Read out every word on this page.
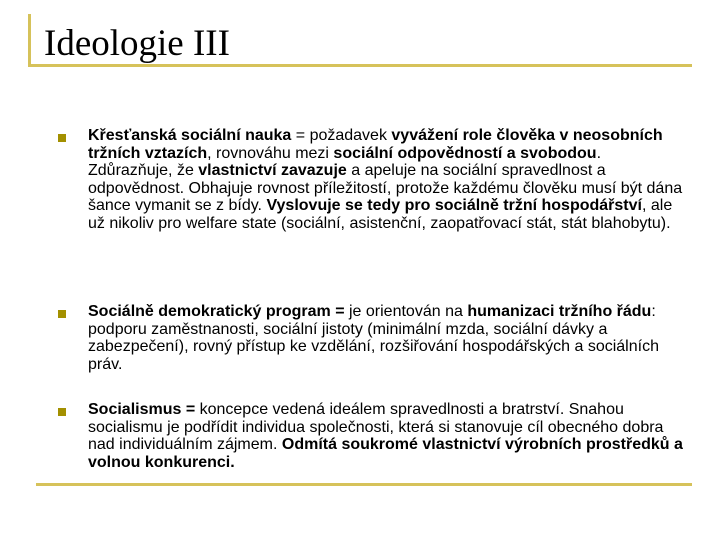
Ideologie III
Křesťanská sociální nauka = požadavek vyvážení role člověka v neosobních tržních vztazích, rovnováhu mezi sociální odpovědností a svobodou. Zdůrazňuje, že vlastnictví zavazuje a apeluje na sociální spravedlnost a odpovědnost. Obhajuje rovnost příležitostí, protože každému člověku musí být dána šance vymanit se z bídy. Vyslovuje se tedy pro sociálně tržní hospodářství, ale už nikoliv pro welfare state (sociální, asistenční, zaopatřovací stát, stát blahobytu).
Sociálně demokratický program = je orientován na humanizaci tržního řádu: podporu zaměstnanosti, sociální jistoty (minimální mzda, sociální dávky a zabezpečení), rovný přístup ke vzdělání, rozšiřování hospodářských a sociálních práv.
Socialismus = koncepce vedená ideálem spravedlnosti a bratrství. Snahou socialismu je podřídit individua společnosti, která si stanovuje cíl obecného dobra nad individuálním zájmem. Odmítá soukromé vlastnictví výrobních prostředků a volnou konkurenci.
